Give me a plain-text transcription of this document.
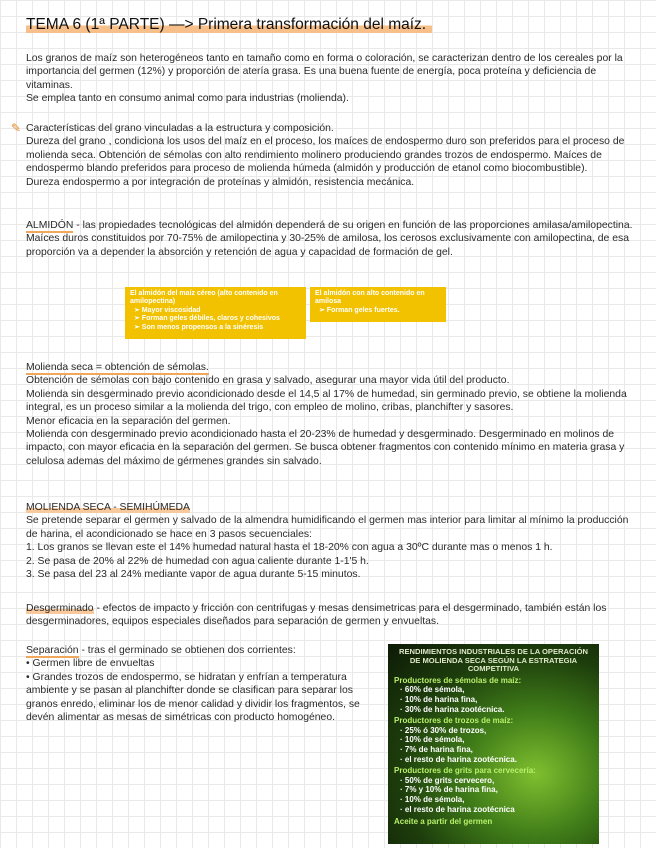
TEMA 6 (1ª PARTE) —> Primera transformación del maíz.

Los granos de maíz son heterogéneos tanto en tamaño como en forma o coloración, se caracterizan dentro de los cereales por la importancia del germen (12%) y proporción de atería grasa. Es una buena fuente de energía, poca proteína y deficiencia de vitaminas.

Se emplea tanto en consumo animal como para industrias (molienda).

✎ Características del grano vinculadas a la estructura y composición.

Dureza del grano , condiciona los usos del maíz en el proceso, los maíces de endospermo duro son preferidos para el proceso de molienda seca. Obtención de sémolas con alto rendimiento molinero produciendo grandes trozos de endospermo. Maíces de endospermo blando preferidos para proceso de molienda húmeda (almidón y producción de etanol como biocombustible).

Dureza endospermo a por integración de proteínas y almidón, resistencia mecánica.

ALMIDÓN - las propiedades tecnológicas del almidón dependerá de su origen en función de las proporciones amilasa/amilopectina.

Maíces duros constituidos por 70-75% de amilopectina y 30-25% de amilosa, los cerosos exclusivamente con amilopectina, de esa proporción va a depender la absorción y retención de agua y capacidad de formación de gel.

El almidón del maíz céreo (alto contenido en amilopectina)
➢ Mayor viscosidad
➢ Forman geles débiles, claros y cohesivos
➢ Son menos propensos a la sinéresis
El almidón con alto contenido en amilosa
➢ Forman geles fuertes.

Molienda seca = obtención de sémolas.

Obtención de sémolas con bajo contenido en grasa y salvado, asegurar una mayor vida útil del producto.

Molienda sin desgerminado previo acondicionado desde el 14,5 al 17% de humedad, sin germinado previo, se obtiene la molienda integral, es un proceso similar a la molienda del trigo, con empleo de molino, cribas, planchifter y sasores.

Menor eficacia en la separación del germen.

Molienda con desgerminado previo acondicionado hasta el 20-23% de humedad y desgerminado. Desgerminado en molinos de impacto, con mayor eficacia en la separación del germen. Se busca obtener fragmentos con contenido mínimo en materia grasa y celulosa ademas del máximo de gérmenes grandes sin salvado.

MOLIENDA SECA - SEMIHÚMEDA

Se pretende separar el germen y salvado de la almendra humidificando el germen mas interior para limitar al mínimo la producción de harina, el acondicionado se hace en 3 pasos secuenciales:

1. Los granos se llevan este el 14% humedad natural hasta el 18-20% con agua a 30ºC durante mas o menos 1 h.

2. Se pasa de 20% al 22% de humedad con agua caliente durante 1-1'5 h.

3. Se pasa del 23 al 24% mediante vapor de agua durante 5-15 minutos.

Desgerminado - efectos de impacto y fricción con centrifugas y mesas densimetricas para el desgerminado, también están los desgerminadores, equipos especiales diseñados para separación de germen y envueltas.

Separación - tras el germinado se obtienen dos corrientes:

• Germen libre de envueltas

• Grandes trozos de endospermo, se hidratan y enfrían a temperatura ambiente y se pasan al planchifter donde se clasifican para separar los granos enredo, eliminar los de menor calidad y dividir los fragmentos, se devén alimentar as mesas de simétricas con producto homogéneo.

RENDIMIENTOS INDUSTRIALES DE LA OPERACIÓN DE MOLIENDA SECA SEGÚN LA ESTRATEGIA COMPETITIVA
Productores de sémolas de maíz:
· 60% de sémola,
· 10% de harina fina,
· 30% de harina zootécnica.
Productores de trozos de maíz:
· 25% ó 30% de trozos,
· 10% de sémola,
· 7% de harina fina,
· el resto de harina zootécnica.
Productores de grits para cervecería:
· 50% de grits cervecero,
· 7% y 10% de harina fina,
· 10% de sémola,
· el resto de harina zootécnica
Aceite a partir del germen
